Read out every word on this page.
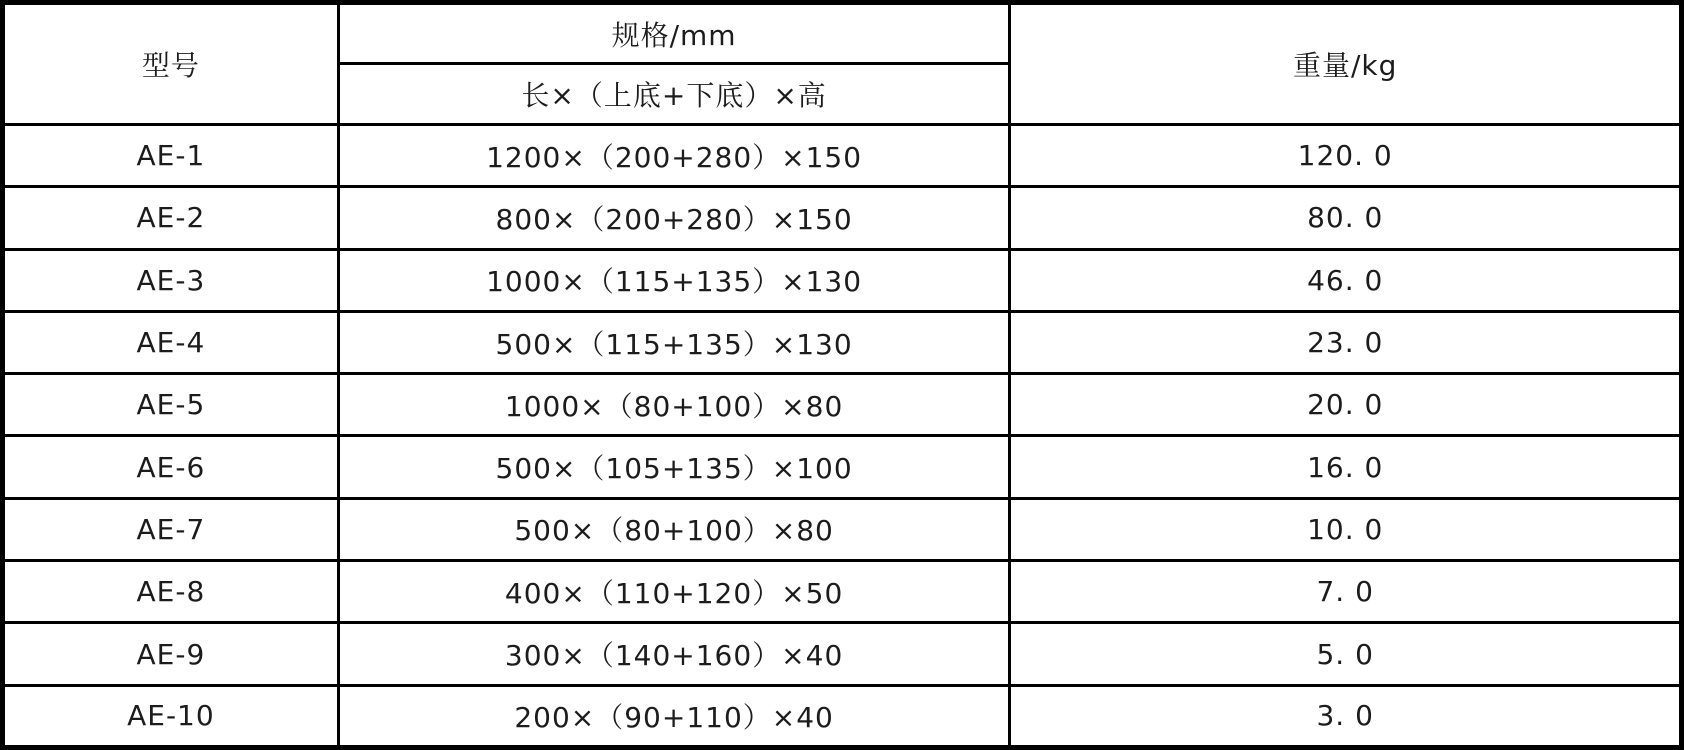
型号	规格/mm	重量/kg
	长×（上底+下底）×高	
AE-1	1200×（200+280）×150	120. 0
AE-2	800×（200+280）×150	80. 0
AE-3	1000×（115+135）×130	46. 0
AE-4	500×（115+135）×130	23. 0
AE-5	1000×（80+100）×80	20. 0
AE-6	500×（105+135）×100	16. 0
AE-7	500×（80+100）×80	10. 0
AE-8	400×（110+120）×50	7. 0
AE-9	300×（140+160）×40	5. 0
AE-10	200×（90+110）×40	3. 0
